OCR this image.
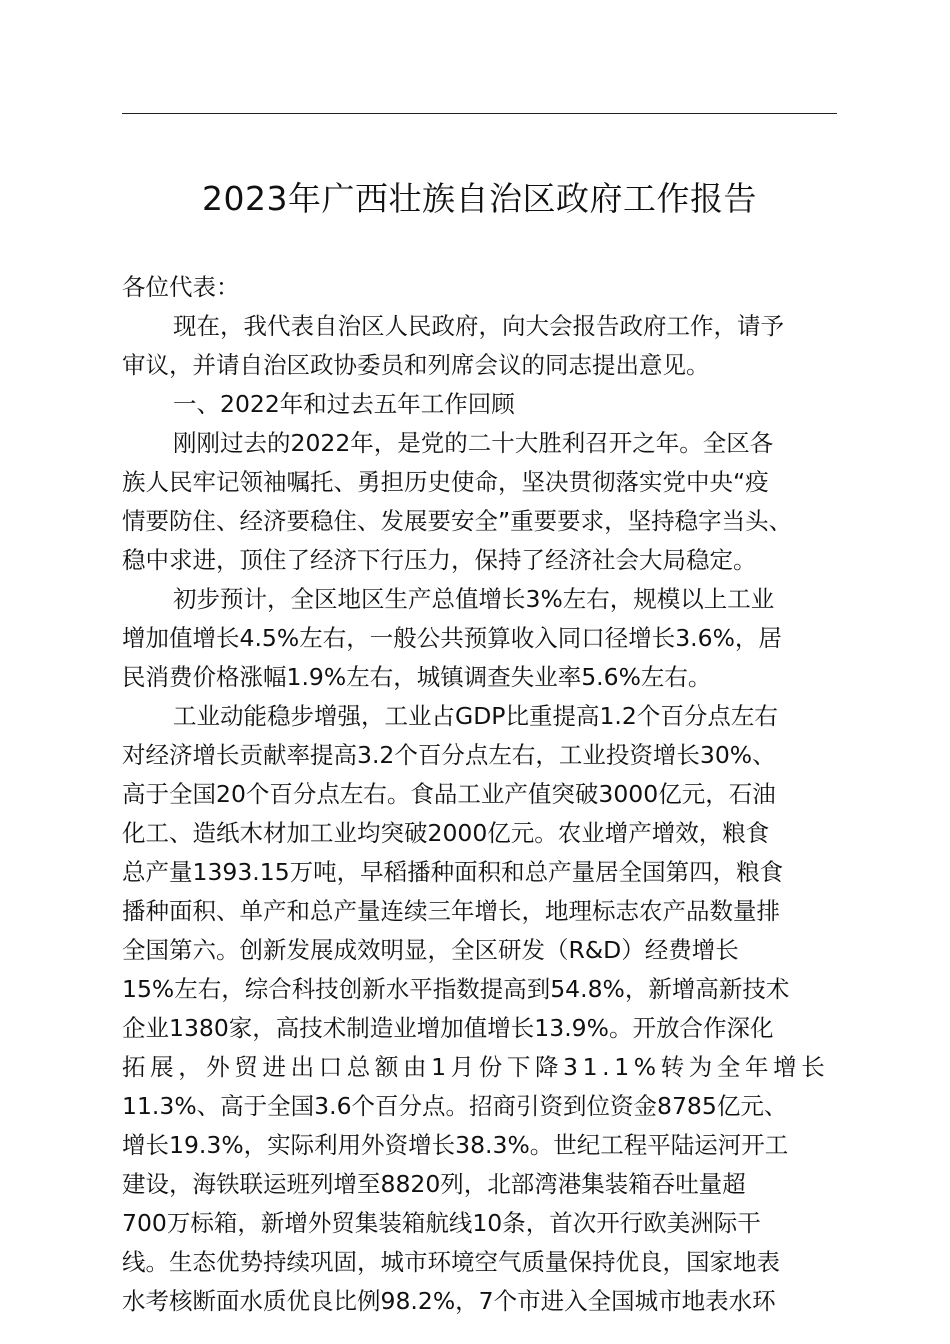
2023年广西壮族自治区政府工作报告
各位代表：
现在，我代表自治区人民政府，向大会报告政府工作，请予
审议，并请自治区政协委员和列席会议的同志提出意见。
一、2022年和过去五年工作回顾
刚刚过去的2022年，是党的二十大胜利召开之年。全区各
族人民牢记领袖嘱托、勇担历史使命，坚决贯彻落实党中央“疫
情要防住、经济要稳住、发展要安全”重要要求，坚持稳字当头、
稳中求进，顶住了经济下行压力，保持了经济社会大局稳定。
初步预计，全区地区生产总值增长3%左右，规模以上工业
增加值增长4.5%左右，一般公共预算收入同口径增长3.6%，居
民消费价格涨幅1.9%左右，城镇调查失业率5.6%左右。
工业动能稳步增强，工业占GDP比重提高1.2个百分点左右
对经济增长贡献率提高3.2个百分点左右，工业投资增长30%、
高于全国20个百分点左右。食品工业产值突破3000亿元，石油
化工、造纸木材加工业均突破2000亿元。农业增产增效，粮食
总产量1393.15万吨，早稻播种面积和总产量居全国第四，粮食
播种面积、单产和总产量连续三年增长，地理标志农产品数量排
全国第六。创新发展成效明显，全区研发（R&D）经费增长
15%左右，综合科技创新水平指数提高到54.8%，新增高新技术
企业1380家，高技术制造业增加值增长13.9%。开放合作深化
拓展，外贸进出口总额由1月份下降31.1%转为全年增长
11.3%、高于全国3.6个百分点。招商引资到位资金8785亿元、
增长19.3%，实际利用外资增长38.3%。世纪工程平陆运河开工
建设，海铁联运班列增至8820列，北部湾港集装箱吞吐量超
700万标箱，新增外贸集装箱航线10条，首次开行欧美洲际干
线。生态优势持续巩固，城市环境空气质量保持优良，国家地表
水考核断面水质优良比例98.2%，7个市进入全国城市地表水环
